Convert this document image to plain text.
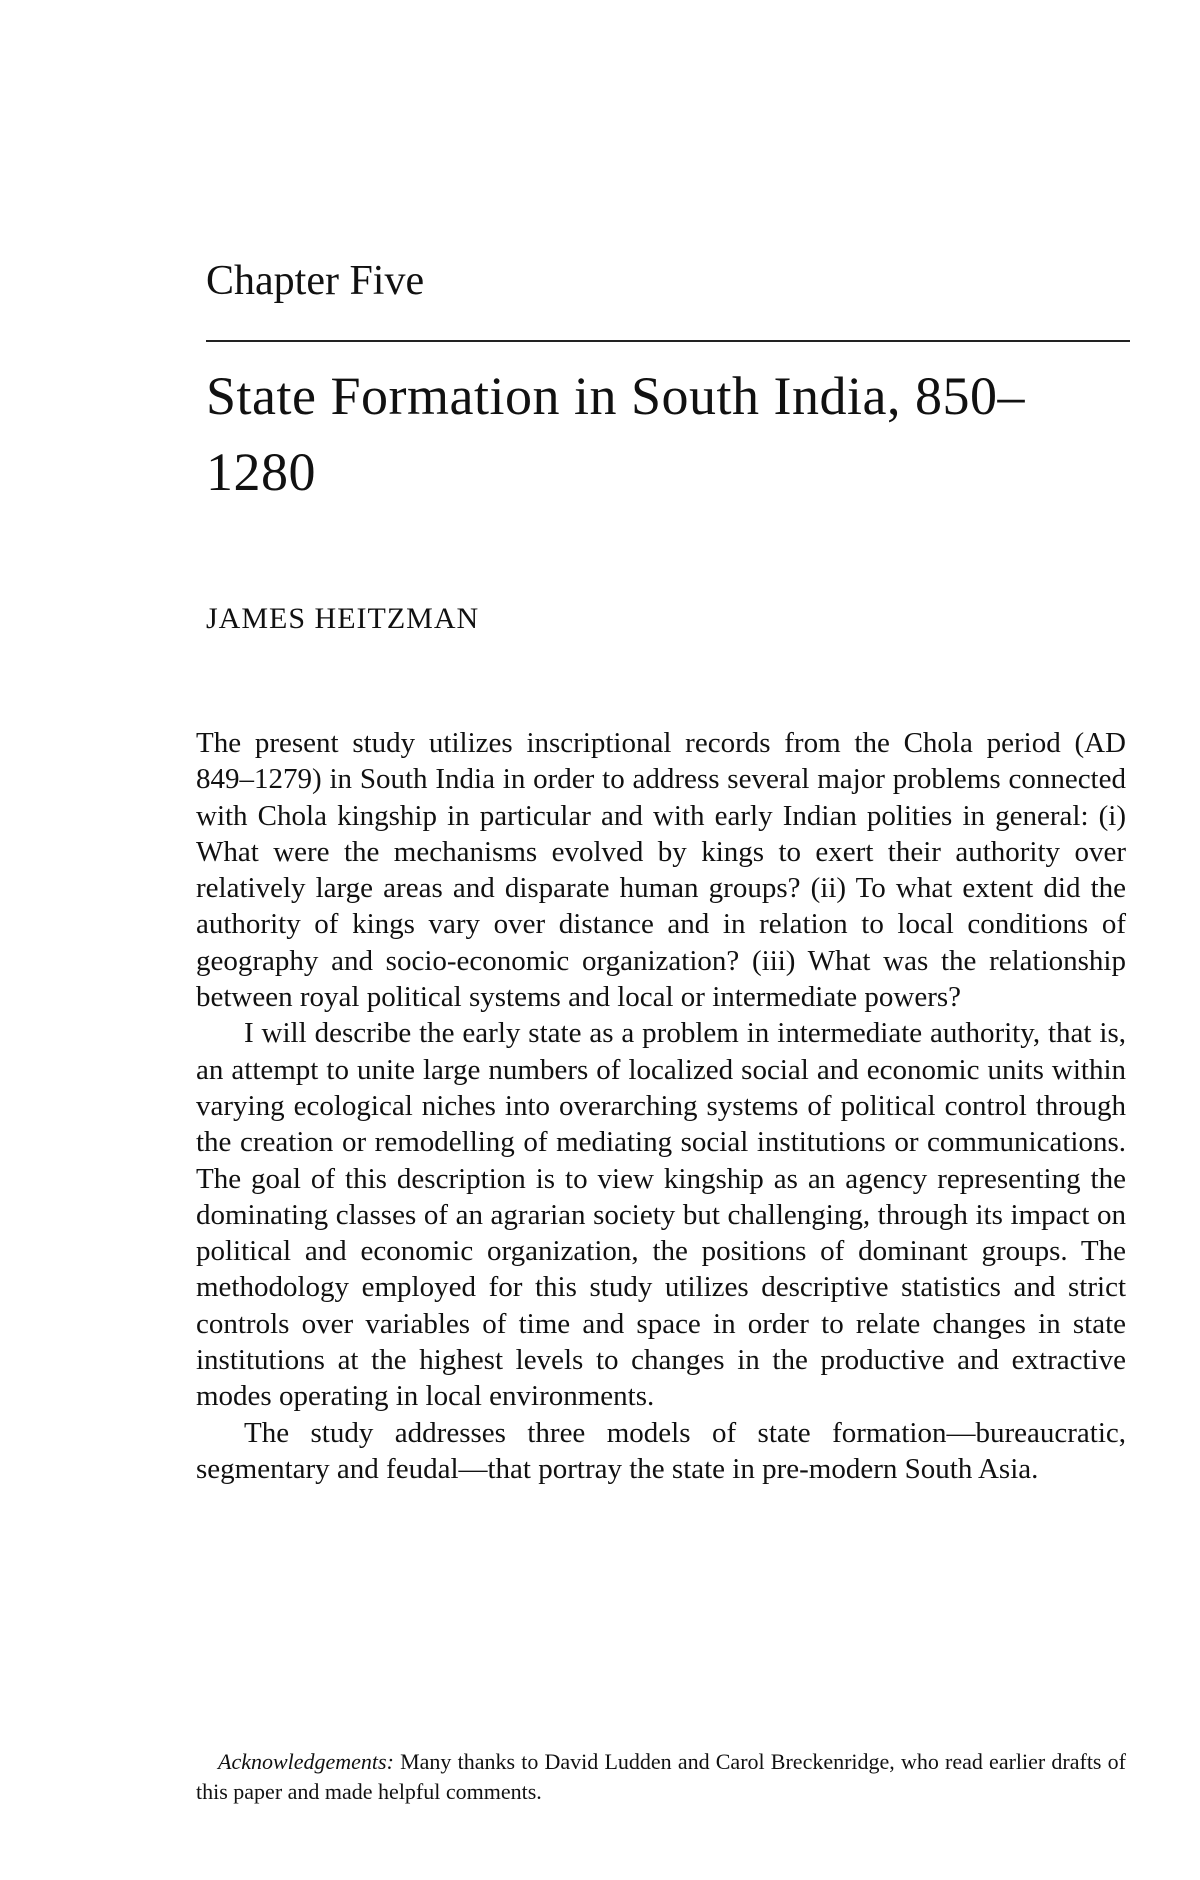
Chapter Five
State Formation in South India, 850–1280
JAMES HEITZMAN

The present study utilizes inscriptional records from the Chola period (AD 849–1279) in South India in order to address several major problems connected with Chola kingship in particular and with early Indian polities in general: (i) What were the mechanisms evolved by kings to exert their authority over relatively large areas and disparate human groups? (ii) To what extent did the authority of kings vary over distance and in relation to local conditions of geography and socio-economic organization? (iii) What was the relationship between royal political systems and local or intermediate powers?

I will describe the early state as a problem in intermediate authority, that is, an attempt to unite large numbers of localized social and economic units within varying ecological niches into overarching systems of political control through the creation or remodelling of mediating social institutions or communications. The goal of this description is to view kingship as an agency representing the dominating classes of an agrarian society but challenging, through its impact on political and economic organization, the positions of dominant groups. The methodology employed for this study utilizes descriptive statistics and strict controls over variables of time and space in order to relate changes in state institutions at the highest levels to changes in the productive and extractive modes operating in local environments.

The study addresses three models of state formation—bureaucratic, segmentary and feudal—that portray the state in pre-modern South Asia.

Acknowledgements: Many thanks to David Ludden and Carol Breckenridge, who read earlier drafts of this paper and made helpful comments.
